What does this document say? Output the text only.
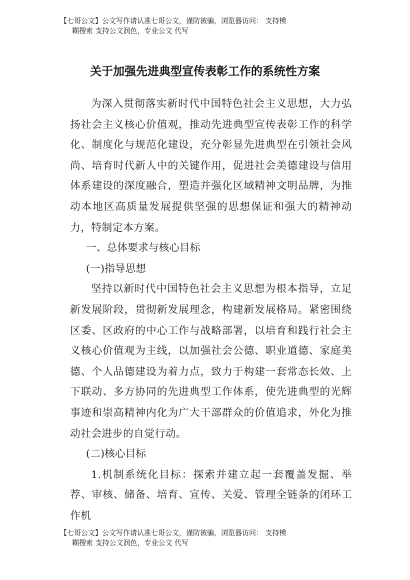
【七哥公文】公文写作请认准七哥公文，谨防被骗，浏览器访问： 支持模
糊搜索 支持公文润色，专业公文 代写
关于加强先进典型宣传表彰工作的系统性方案

为深入贯彻落实新时代中国特色社会主义思想，大力弘扬社会主义核心价值观，推动先进典型宣传表彰工作的科学化、制度化与规范化建设，充分彰显先进典型在引领社会风尚、培育时代新人中的关键作用，促进社会美德建设与信用体系建设的深度融合，塑造并强化区域精神文明品牌，为推动本地区高质量发展提供坚强的思想保证和强大的精神动力，特制定本方案。

一、总体要求与核心目标

(一)指导思想

坚持以新时代中国特色社会主义思想为根本指导，立足新发展阶段，贯彻新发展理念，构建新发展格局。紧密围绕区委、区政府的中心工作与战略部署，以培育和践行社会主义核心价值观为主线，以加强社会公德、职业道德、家庭美德、个人品德建设为着力点，致力于构建一套常态长效、上下联动、多方协同的先进典型工作体系，使先进典型的光辉事迹和崇高精神内化为广大干部群众的价值追求，外化为推动社会进步的自觉行动。

(二)核心目标

1.机制系统化目标：探索并建立起一套覆盖发掘、举荐、审核、储备、培育、宣传、关爱、管理全链条的闭环工作机

【七哥公文】公文写作请认准七哥公文，谨防被骗，浏览器访问： 支持模
糊搜索 支持公文润色，专业公文 代写
